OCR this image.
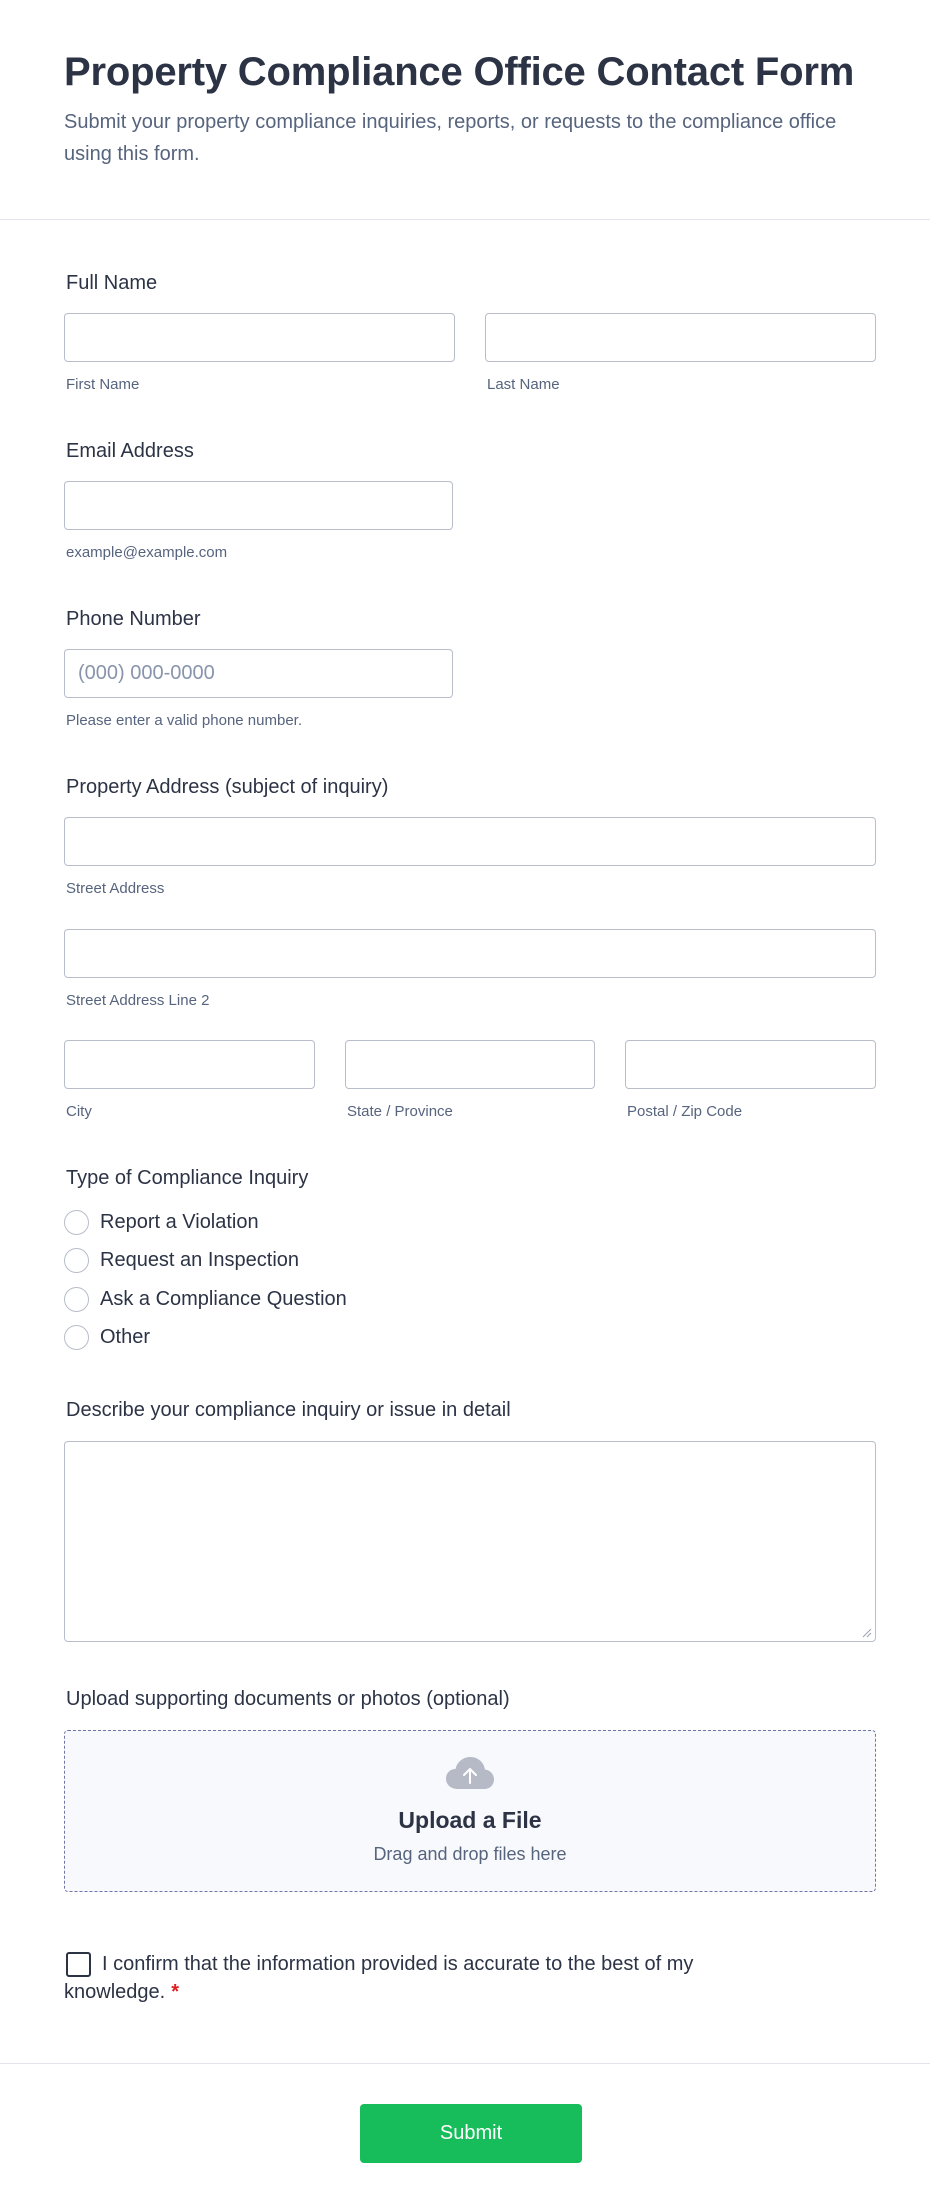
Property Compliance Office Contact Form

Submit your property compliance inquiries, reports, or requests to the compliance office using this form.

Full Name
First Name	Last Name
Email Address
example@example.com
Phone Number
(000) 000-0000
Please enter a valid phone number.
Property Address (subject of inquiry)
Street Address
Street Address Line 2
City	State / Province	Postal / Zip Code
Type of Compliance Inquiry
Report a Violation
Request an Inspection
Ask a Compliance Question
Other
Describe your compliance inquiry or issue in detail
Upload supporting documents or photos (optional)
Upload a File
Drag and drop files here
I confirm that the information provided is accurate to the best of my knowledge. *
Submit
